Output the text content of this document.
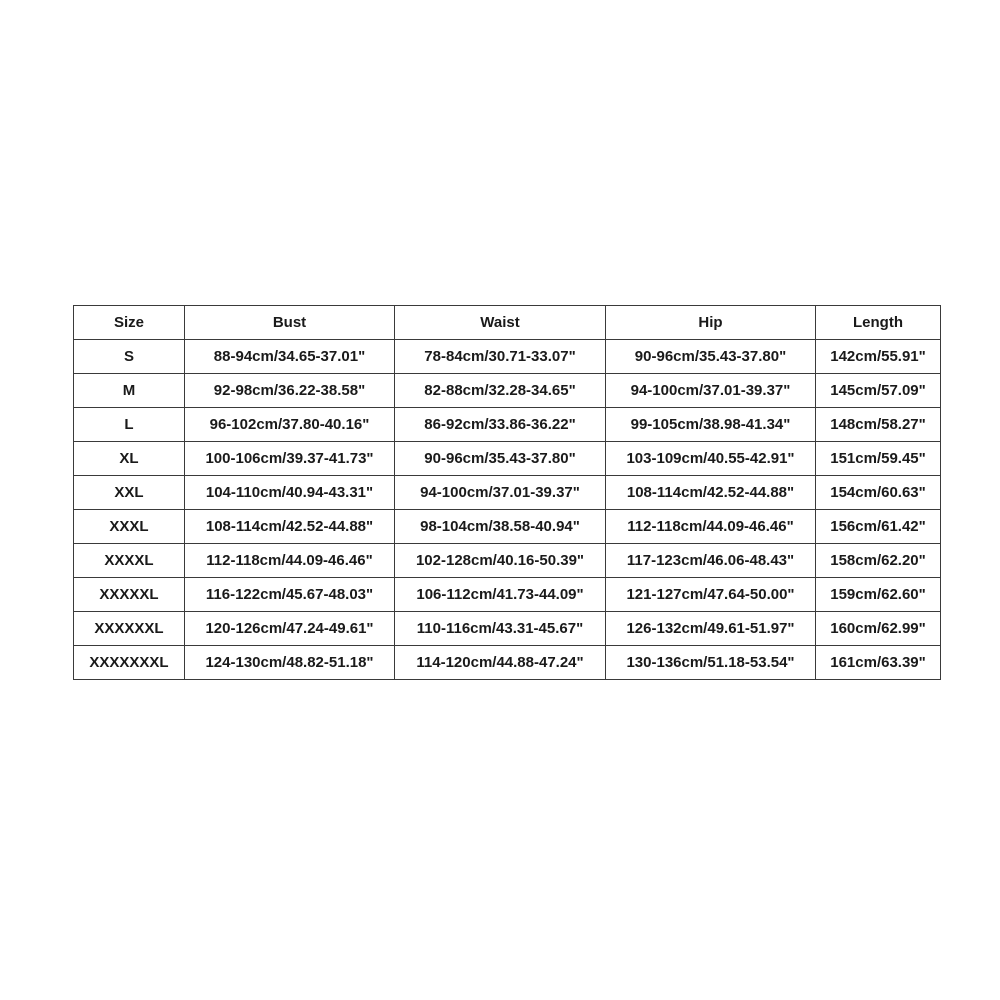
Size	Bust	Waist	Hip	Length
S	88-94cm/34.65-37.01"	78-84cm/30.71-33.07"	90-96cm/35.43-37.80"	142cm/55.91"
M	92-98cm/36.22-38.58"	82-88cm/32.28-34.65"	94-100cm/37.01-39.37"	145cm/57.09"
L	96-102cm/37.80-40.16"	86-92cm/33.86-36.22"	99-105cm/38.98-41.34"	148cm/58.27"
XL	100-106cm/39.37-41.73"	90-96cm/35.43-37.80"	103-109cm/40.55-42.91"	151cm/59.45"
XXL	104-110cm/40.94-43.31"	94-100cm/37.01-39.37"	108-114cm/42.52-44.88"	154cm/60.63"
XXXL	108-114cm/42.52-44.88"	98-104cm/38.58-40.94"	112-118cm/44.09-46.46"	156cm/61.42"
XXXXL	112-118cm/44.09-46.46"	102-128cm/40.16-50.39"	117-123cm/46.06-48.43"	158cm/62.20"
XXXXXL	116-122cm/45.67-48.03"	106-112cm/41.73-44.09"	121-127cm/47.64-50.00"	159cm/62.60"
XXXXXXL	120-126cm/47.24-49.61"	110-116cm/43.31-45.67"	126-132cm/49.61-51.97"	160cm/62.99"
XXXXXXXL	124-130cm/48.82-51.18"	114-120cm/44.88-47.24"	130-136cm/51.18-53.54"	161cm/63.39"
